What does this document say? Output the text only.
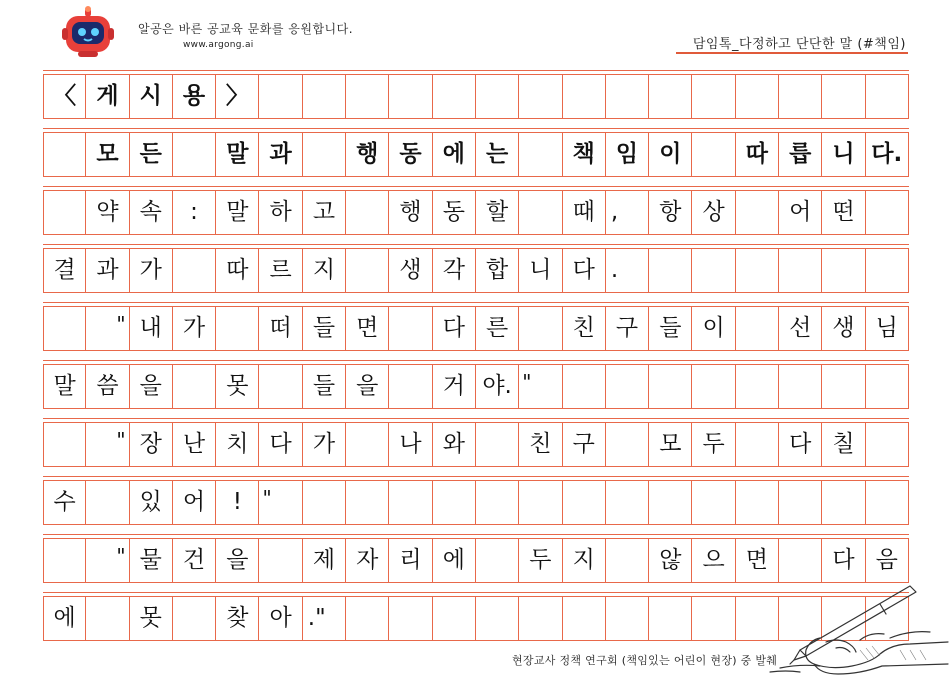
알공은 바른 공교육 문화를 응원합니다.
www.argong.ai	담임톡_다정하고 단단한 말 (#책임)
〈 게 시 용 〉
모 든	말 과	행 동 에 는	책 임 이	따 릅 니 다.
약 속	:	말 하 고	행 동 할	때 ,	항 상	어 떤
결 과 가	따 르 지	생 각 합 니 다 .
" 내 가	떠 들 면	다 른	친 구 들 이	선 생 님
말 씀 을	못	들 을	거 야. "
" 장 난 치 다 가	나 와	친 구	모 두	다 칠
수	있 어	!	"
" 물 건 을	제 자 리 에	두 지	않 으 면	다 음
에	못	찾 아 ."
현장교사 정책 연구회 (책임있는 어린이 현장) 중 발췌
